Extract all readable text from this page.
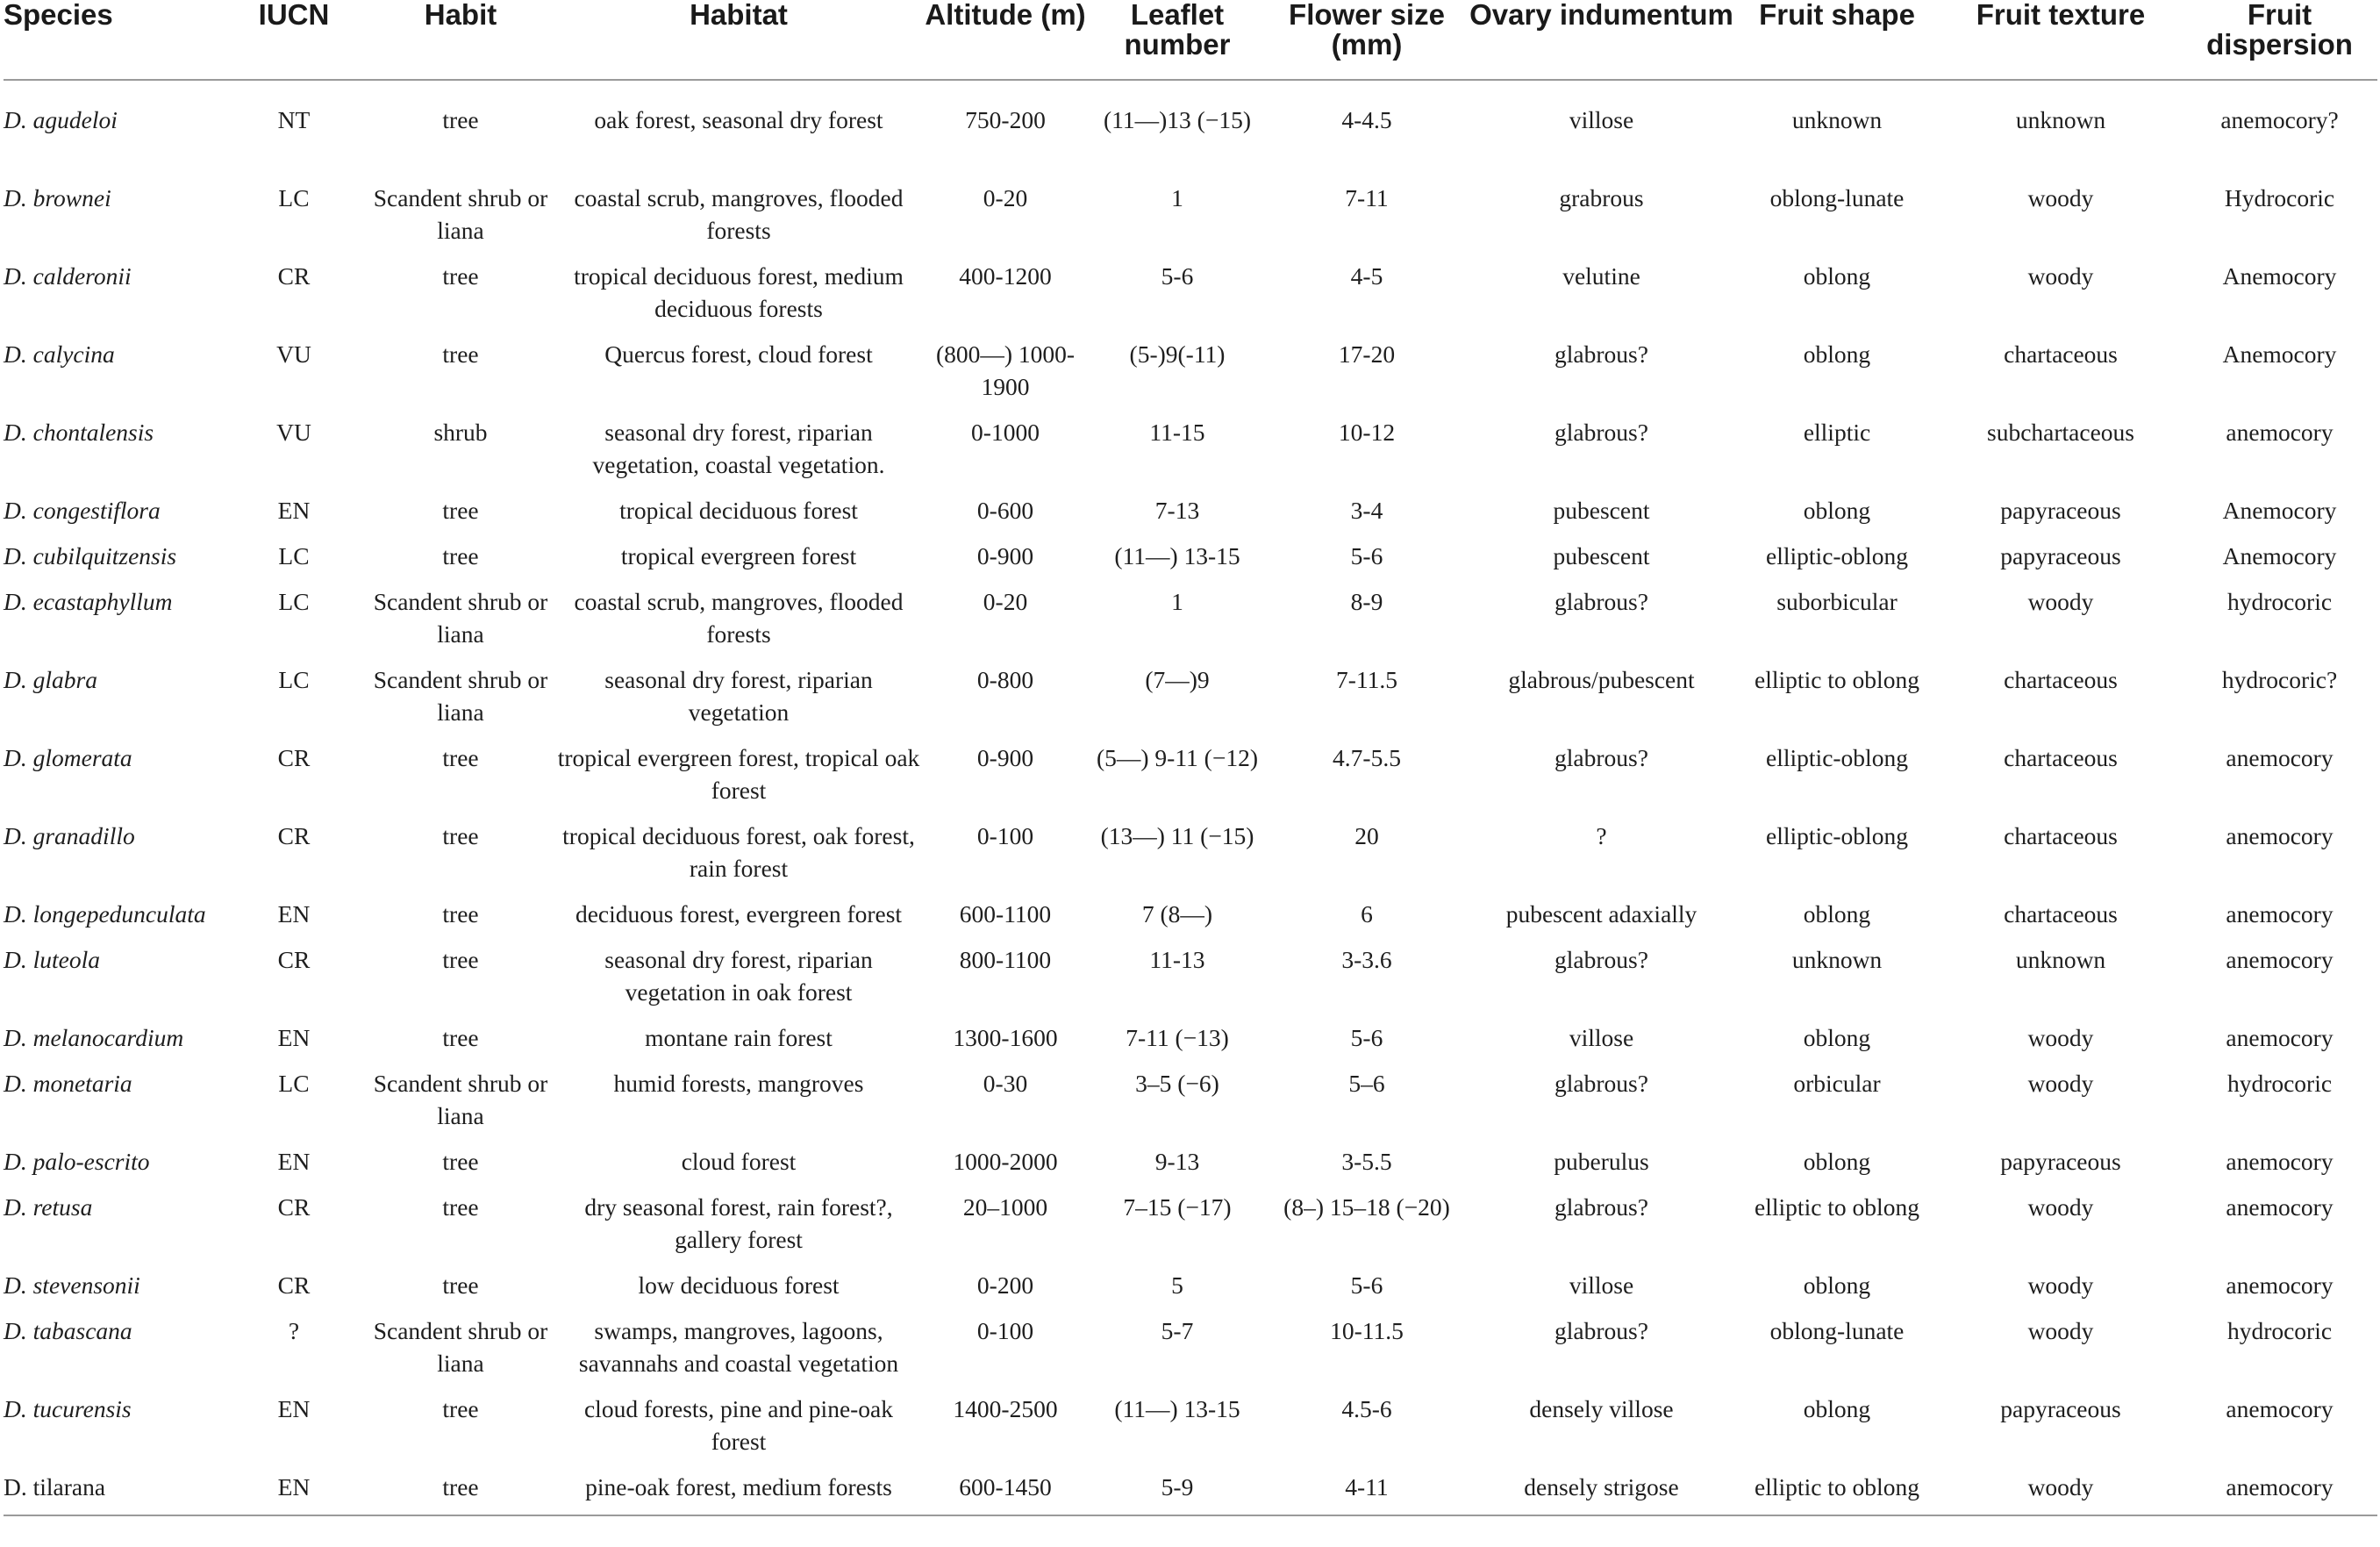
Species	IUCN	Habit	Habitat	Altitude (m)	Leaflet number	Flower size (mm)	Ovary indumentum	Fruit shape	Fruit texture	Fruit dispersion
D. agudeloi	NT	tree	oak forest, seasonal dry forest	750-200	(11—)13 (−15)	4-4.5	villose	unknown	unknown	anemocory?
D. brownei	LC	Scandent shrub or liana	coastal scrub, mangroves, flooded forests	0-20	1	7-11	grabrous	oblong-lunate	woody	Hydrocoric
D. calderonii	CR	tree	tropical deciduous forest, medium deciduous forests	400-1200	5-6	4-5	velutine	oblong	woody	Anemocory
D. calycina	VU	tree	Quercus forest, cloud forest	(800—) 1000-1900	(5-)9(-11)	17-20	glabrous?	oblong	chartaceous	Anemocory
D. chontalensis	VU	shrub	seasonal dry forest, riparian vegetation, coastal vegetation.	0-1000	11-15	10-12	glabrous?	elliptic	subchartaceous	anemocory
D. congestiflora	EN	tree	tropical deciduous forest	0-600	7-13	3-4	pubescent	oblong	papyraceous	Anemocory
D. cubilquitzensis	LC	tree	tropical evergreen forest	0-900	(11—) 13-15	5-6	pubescent	elliptic-oblong	papyraceous	Anemocory
D. ecastaphyllum	LC	Scandent shrub or liana	coastal scrub, mangroves, flooded forests	0-20	1	8-9	glabrous?	suborbicular	woody	hydrocoric
D. glabra	LC	Scandent shrub or liana	seasonal dry forest, riparian vegetation	0-800	(7—)9	7-11.5	glabrous/pubescent	elliptic to oblong	chartaceous	hydrocoric?
D. glomerata	CR	tree	tropical evergreen forest, tropical oak forest	0-900	(5—) 9-11 (−12)	4.7-5.5	glabrous?	elliptic-oblong	chartaceous	anemocory
D. granadillo	CR	tree	tropical deciduous forest, oak forest, rain forest	0-100	(13—) 11 (−15)	20	?	elliptic-oblong	chartaceous	anemocory
D. longepedunculata	EN	tree	deciduous forest, evergreen forest	600-1100	7 (8—)	6	pubescent adaxially	oblong	chartaceous	anemocory
D. luteola	CR	tree	seasonal dry forest, riparian vegetation in oak forest	800-1100	11-13	3-3.6	glabrous?	unknown	unknown	anemocory
D. melanocardium	EN	tree	montane rain forest	1300-1600	7-11 (−13)	5-6	villose	oblong	woody	anemocory
D. monetaria	LC	Scandent shrub or liana	humid forests, mangroves	0-30	3–5 (−6)	5–6	glabrous?	orbicular	woody	hydrocoric
D. palo-escrito	EN	tree	cloud forest	1000-2000	9-13	3-5.5	puberulus	oblong	papyraceous	anemocory
D. retusa	CR	tree	dry seasonal forest, rain forest?, gallery forest	20–1000	7–15 (−17)	(8–) 15–18 (−20)	glabrous?	elliptic to oblong	woody	anemocory
D. stevensonii	CR	tree	low deciduous forest	0-200	5	5-6	villose	oblong	woody	anemocory
D. tabascana	?	Scandent shrub or liana	swamps, mangroves, lagoons, savannahs and coastal vegetation	0-100	5-7	10-11.5	glabrous?	oblong-lunate	woody	hydrocoric
D. tucurensis	EN	tree	cloud forests, pine and pine-oak forest	1400-2500	(11—) 13-15	4.5-6	densely villose	oblong	papyraceous	anemocory
D. tilarana	EN	tree	pine-oak forest, medium forests	600-1450	5-9	4-11	densely strigose	elliptic to oblong	woody	anemocory
